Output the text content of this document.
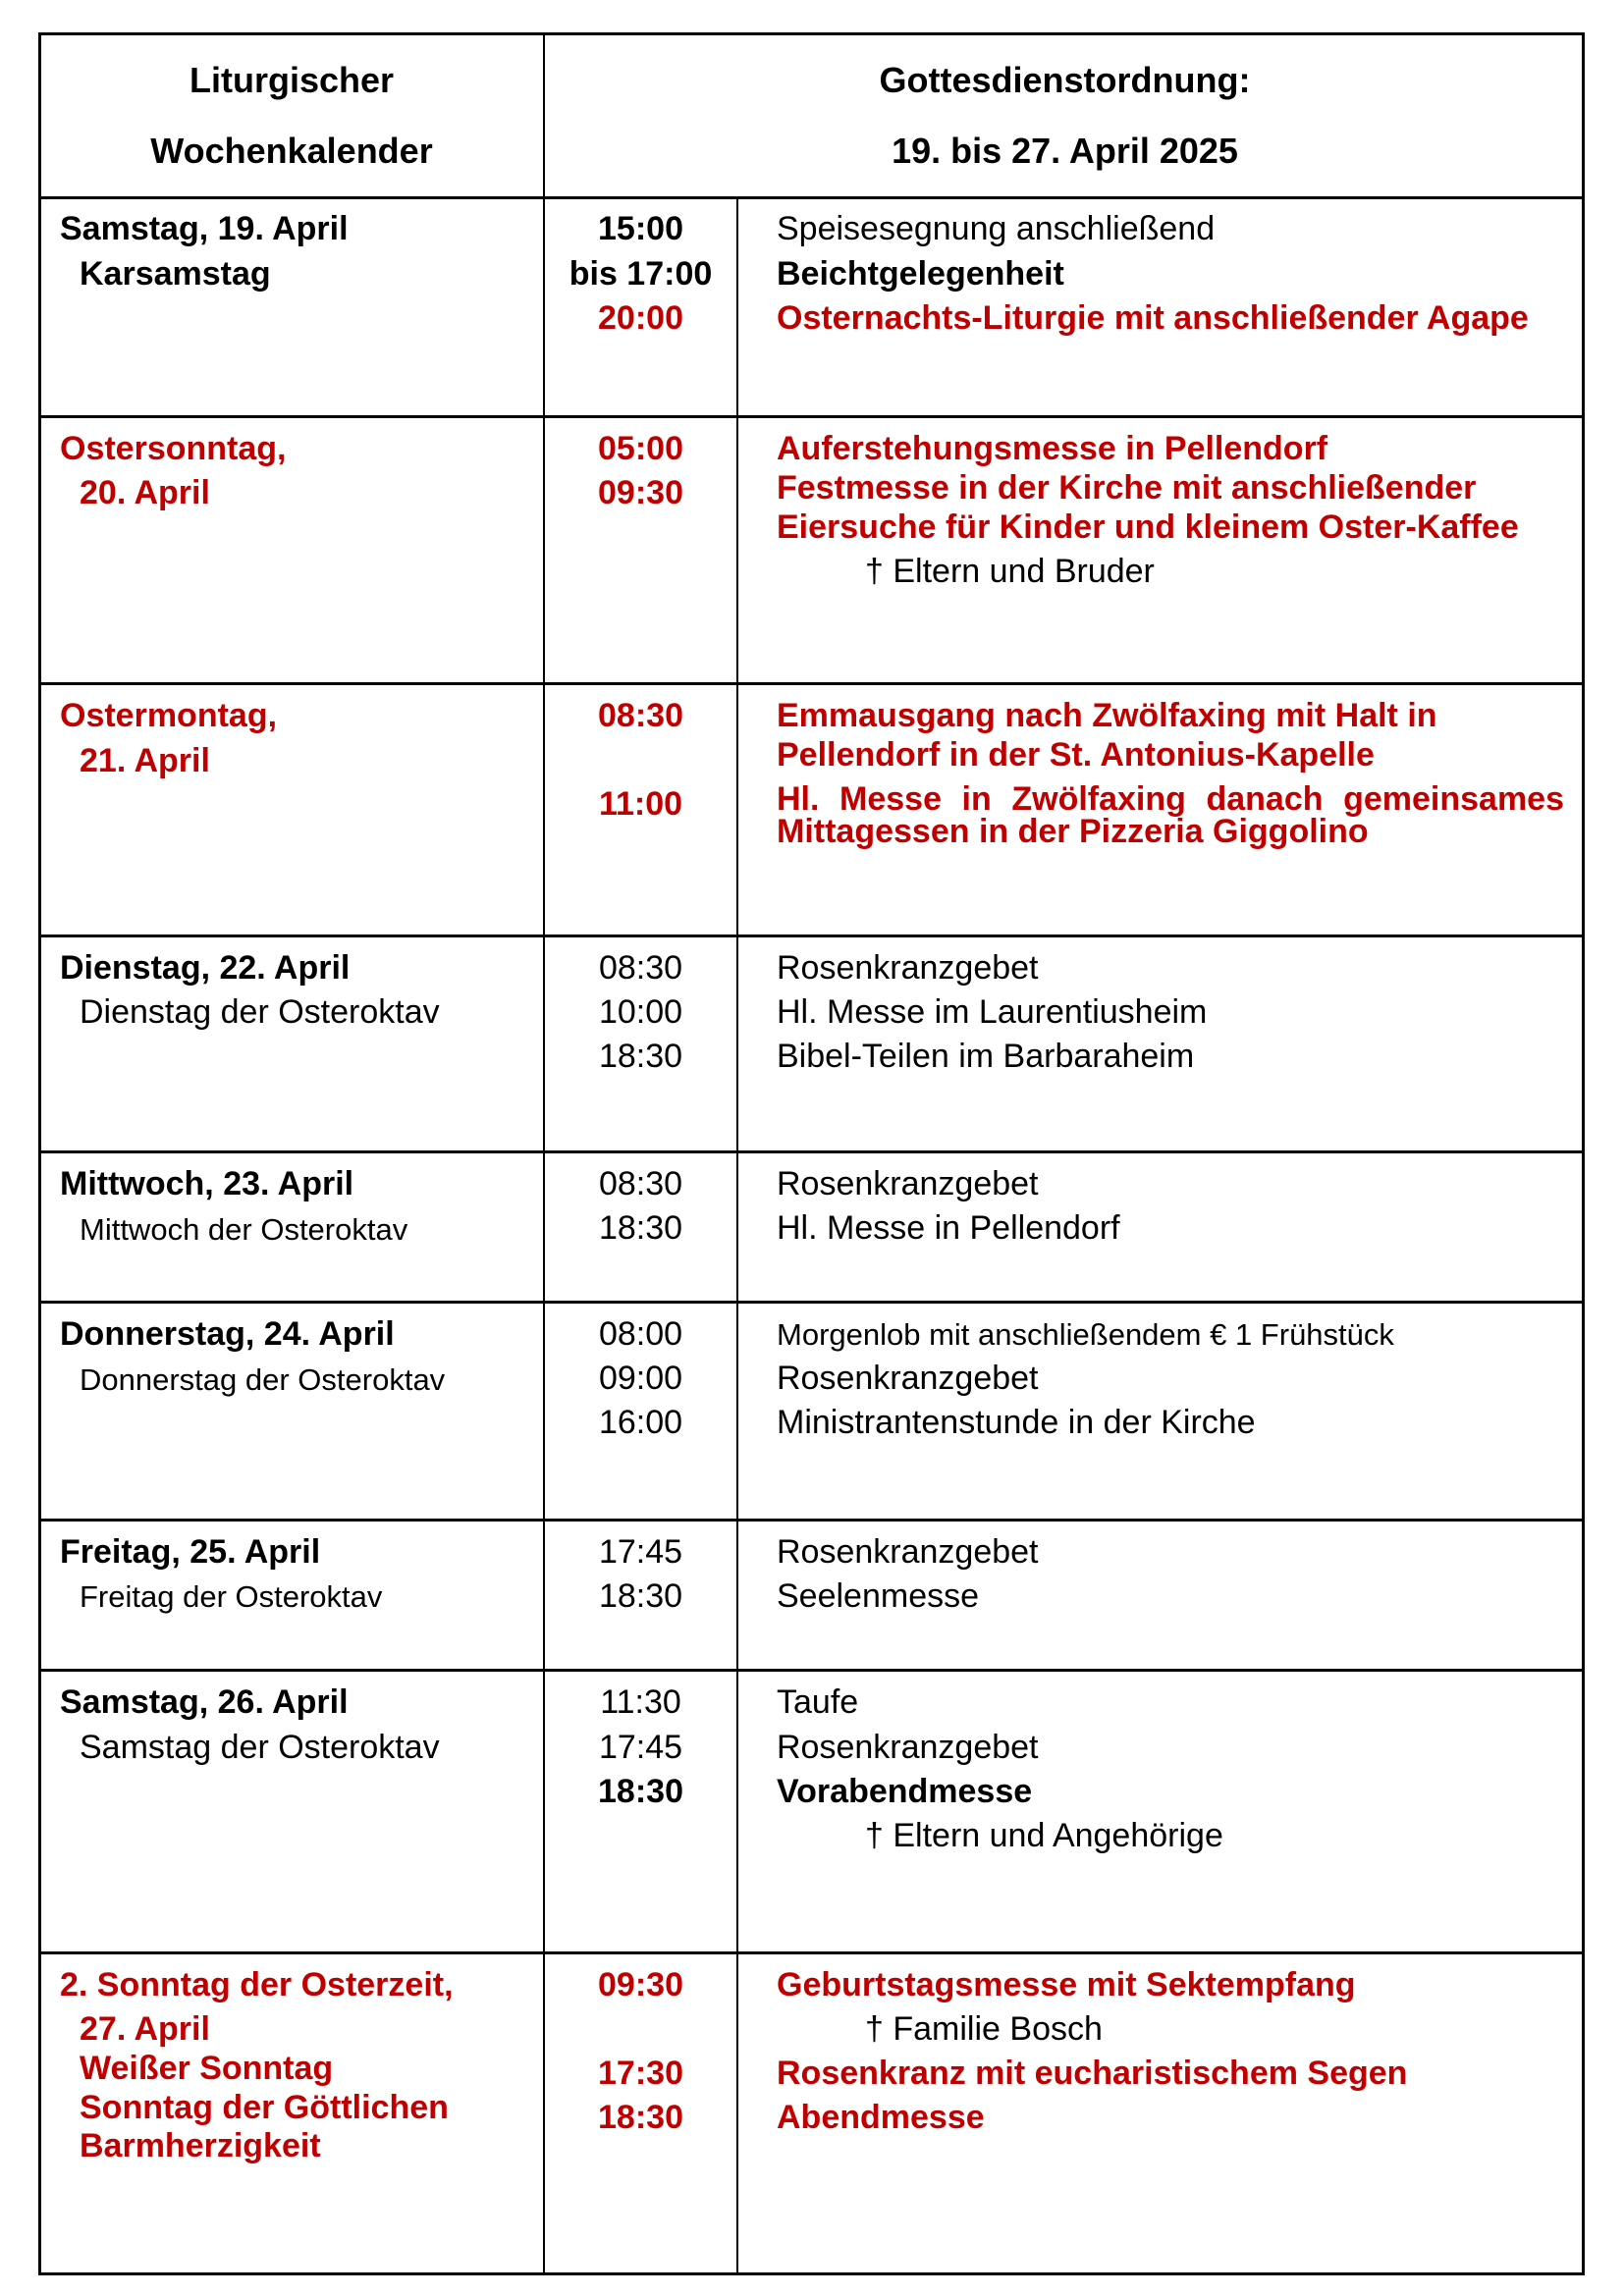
Liturgischer
Wochenkalender
Gottesdienstordnung:
19. bis 27. April 2025
Samstag, 19. April
Karsamstag
15:00
bis 17:00
20:00
Speisesegnung anschließend
Beichtgelegenheit
Osternachts-Liturgie mit anschließender Agape
Ostersonntag,
20. April
05:00
09:30
Auferstehungsmesse in Pellendorf
Festmesse in der Kirche mit anschließender
Eiersuche für Kinder und kleinem Oster-Kaffee
† Eltern und Bruder
Ostermontag,
21. April
08:30
11:00
Emmausgang nach Zwölfaxing mit Halt in
Pellendorf in der St. Antonius-Kapelle
Hl. Messe in Zwölfaxing danach gemeinsames
Mittagessen in der Pizzeria Giggolino
Dienstag, 22. April
Dienstag der Osteroktav
08:30
10:00
18:30
Rosenkranzgebet
Hl. Messe im Laurentiusheim
Bibel-Teilen im Barbaraheim
Mittwoch, 23. April
Mittwoch der Osteroktav
08:30
18:30
Rosenkranzgebet
Hl. Messe in Pellendorf
Donnerstag, 24. April
Donnerstag der Osteroktav
08:00
09:00
16:00
Morgenlob mit anschließendem € 1 Frühstück
Rosenkranzgebet
Ministrantenstunde in der Kirche
Freitag, 25. April
Freitag der Osteroktav
17:45
18:30
Rosenkranzgebet
Seelenmesse
Samstag, 26. April
Samstag der Osteroktav
11:30
17:45
18:30
Taufe
Rosenkranzgebet
Vorabendmesse
† Eltern und Angehörige
2. Sonntag der Osterzeit,
27. April
Weißer Sonntag
Sonntag der Göttlichen
Barmherzigkeit
09:30
17:30
18:30
Geburtstagsmesse mit Sektempfang
† Familie Bosch
Rosenkranz mit eucharistischem Segen
Abendmesse
